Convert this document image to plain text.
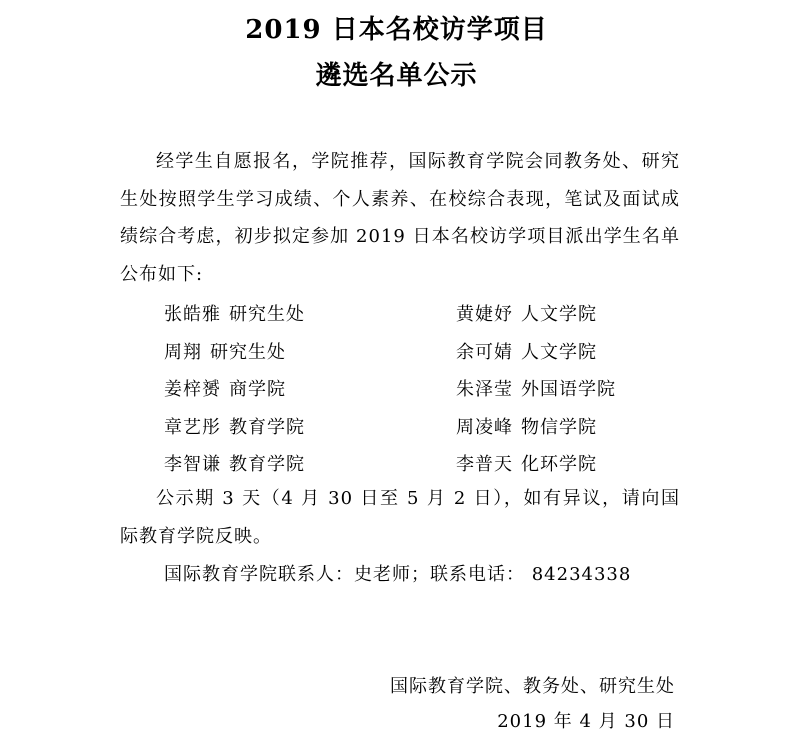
2019 日本名校访学项目
遴选名单公示

经学生自愿报名，学院推荐，国际教育学院会同教务处、研究生处按照学生学习成绩、个人素养、在校综合表现，笔试及面试成绩综合考虑，初步拟定参加 2019 日本名校访学项目派出学生名单公布如下:

张皓雅 研究生处	黄婕妤 人文学院
周翔 研究生处	余可婧 人文学院
姜梓赟 商学院	朱泽莹 外国语学院
章艺彤 教育学院	周凌峰 物信学院
李智谦 教育学院	李普天 化环学院

公示期 3 天（4 月 30 日至 5 月 2 日），如有异议，请向国际教育学院反映。

国际教育学院联系人：史老师；联系电话： 84234338
国际教育学院、教务处、研究生处
2019 年 4 月 30 日
